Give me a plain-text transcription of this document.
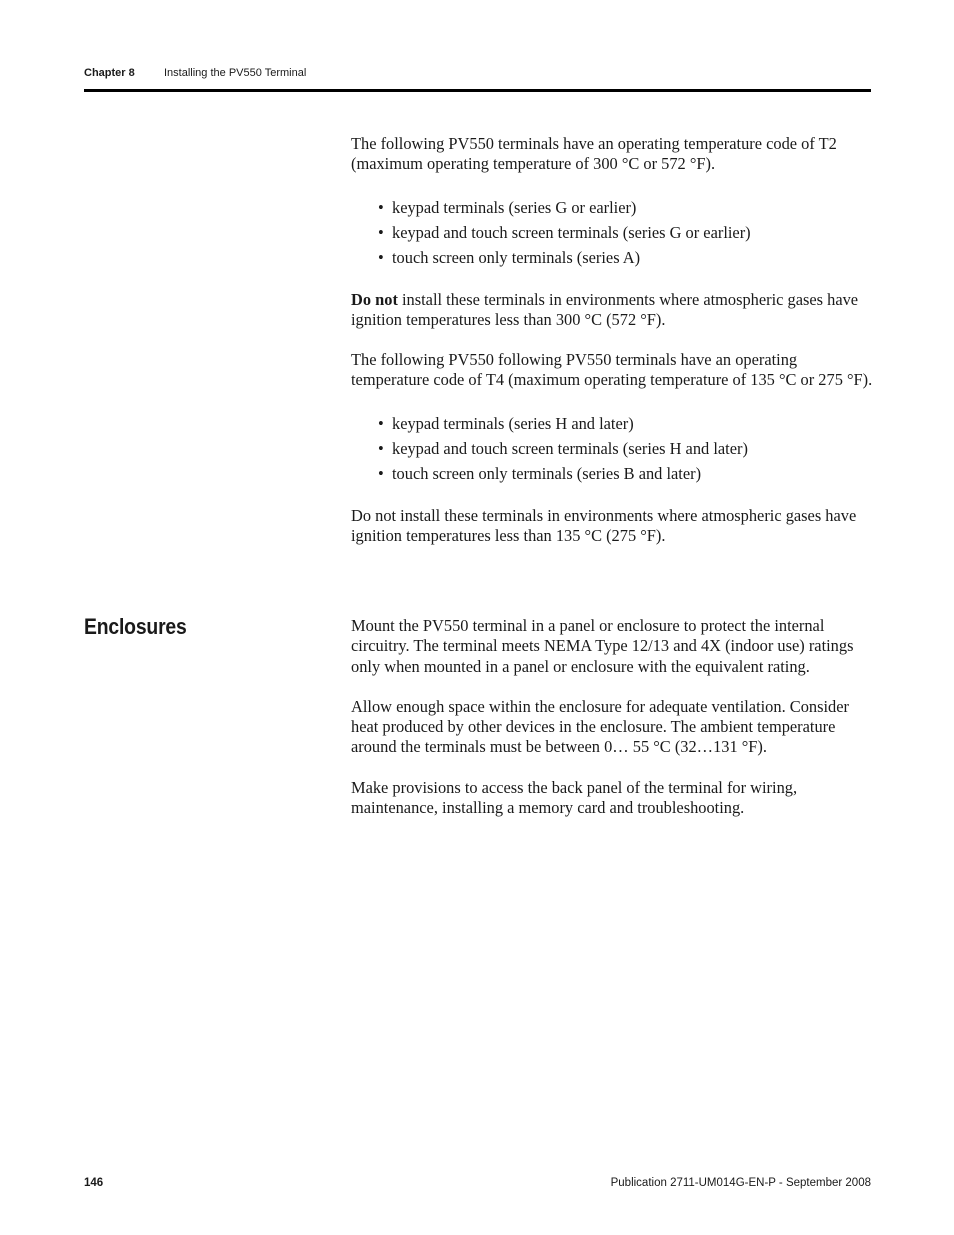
Chapter 8	Installing the PV550 Terminal

The following PV550 terminals have an operating temperature code of T2 (maximum operating temperature of 300 °C or 572 °F).

• keypad terminals (series G or earlier)
• keypad and touch screen terminals (series G or earlier)
• touch screen only terminals (series A)

Do not install these terminals in environments where atmospheric gases have ignition temperatures less than 300 °C (572 °F).

The following PV550 following PV550 terminals have an operating temperature code of T4 (maximum operating temperature of 135 °C or 275 °F).

• keypad terminals (series H and later)
• keypad and touch screen terminals (series H and later)
• touch screen only terminals (series B and later)

Do not install these terminals in environments where atmospheric gases have ignition temperatures less than 135 °C (275 °F).

Enclosures	Mount the PV550 terminal in a panel or enclosure to protect the internal circuitry. The terminal meets NEMA Type 12/13 and 4X (indoor use) ratings only when mounted in a panel or enclosure with the equivalent rating.

Allow enough space within the enclosure for adequate ventilation. Consider heat produced by other devices in the enclosure. The ambient temperature around the terminals must be between 0… 55 °C (32…131 °F).

Make provisions to access the back panel of the terminal for wiring, maintenance, installing a memory card and troubleshooting.

146	Publication 2711-UM014G-EN-P - September 2008
